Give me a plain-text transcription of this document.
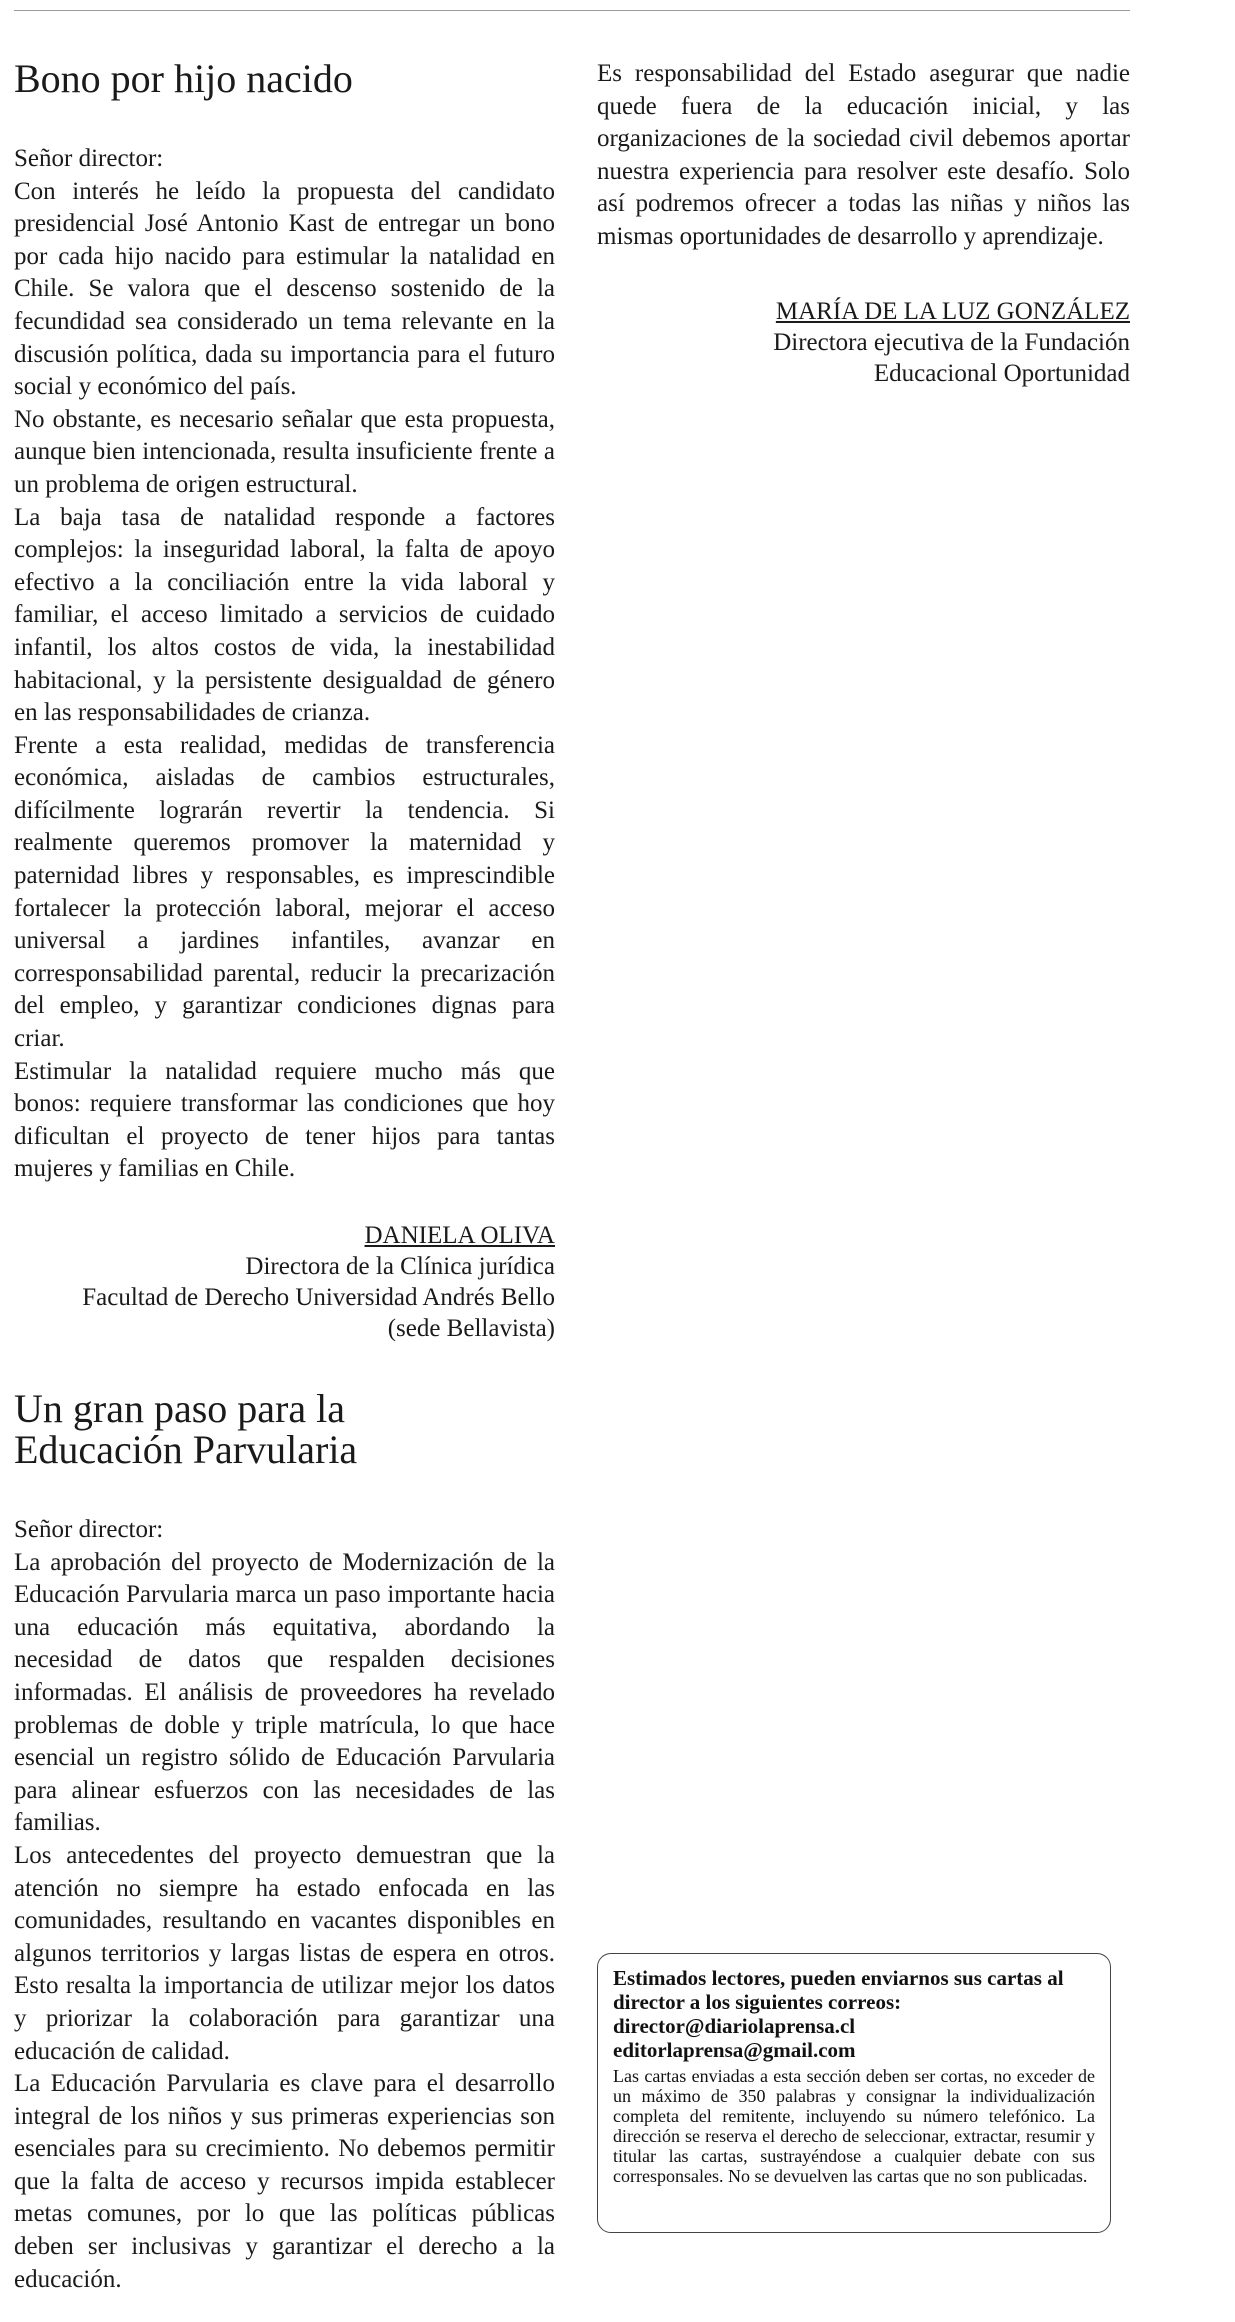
Bono por hijo nacido

Señor director:

Con interés he leído la propuesta del candidato presidencial José Antonio Kast de entregar un bono por cada hijo nacido para estimular la natalidad en Chile. Se valora que el descenso sostenido de la fecundidad sea considerado un tema relevante en la discusión política, dada su importancia para el futuro social y económico del país.

No obstante, es necesario señalar que esta propuesta, aunque bien intencionada, resulta insuficiente frente a un problema de origen estructural.

La baja tasa de natalidad responde a factores complejos: la inseguridad laboral, la falta de apoyo efectivo a la conciliación entre la vida laboral y familiar, el acceso limitado a servicios de cuidado infantil, los altos costos de vida, la inestabilidad habitacional, y la persistente desigualdad de género en las responsabilidades de crianza.

Frente a esta realidad, medidas de transferencia económica, aisladas de cambios estructurales, difícilmente lograrán revertir la tendencia. Si realmente queremos promover la maternidad y paternidad libres y responsables, es imprescindible fortalecer la protección laboral, mejorar el acceso universal a jardines infantiles, avanzar en corresponsabilidad parental, reducir la precarización del empleo, y garantizar condiciones dignas para criar.

Estimular la natalidad requiere mucho más que bonos: requiere transformar las condiciones que hoy dificultan el proyecto de tener hijos para tantas mujeres y familias en Chile.

DANIELA OLIVA
Directora de la Clínica jurídica
Facultad de Derecho Universidad Andrés Bello
(sede Bellavista)
Un gran paso para la
Educación Parvularia

Señor director:

La aprobación del proyecto de Modernización de la Educación Parvularia marca un paso importante hacia una educación más equitativa, abordando la necesidad de datos que respalden decisiones informadas. El análisis de proveedores ha revelado problemas de doble y triple matrícula, lo que hace esencial un registro sólido de Educación Parvularia para alinear esfuerzos con las necesidades de las familias.

Los antecedentes del proyecto demuestran que la atención no siempre ha estado enfocada en las comunidades, resultando en vacantes disponibles en algunos territorios y largas listas de espera en otros. Esto resalta la importancia de utilizar mejor los datos y priorizar la colaboración para garantizar una educación de calidad.

La Educación Parvularia es clave para el desarrollo integral de los niños y sus primeras experiencias son esenciales para su crecimiento. No debemos permitir que la falta de acceso y recursos impida establecer metas comunes, por lo que las políticas públicas deben ser inclusivas y garantizar el derecho a la educación.

Es responsabilidad del Estado asegurar que nadie quede fuera de la educación inicial, y las organizaciones de la sociedad civil debemos aportar nuestra experiencia para resolver este desafío. Solo así podremos ofrecer a todas las niñas y niños las mismas oportunidades de desarrollo y aprendizaje.

MARÍA DE LA LUZ GONZÁLEZ
Directora ejecutiva de la Fundación
Educacional Oportunidad

Estimados lectores, pueden enviarnos sus cartas al director a los siguientes correos:

director@diariolaprensa.cl

editorlaprensa@gmail.com

Las cartas enviadas a esta sección deben ser cortas, no exceder de un máximo de 350 palabras y consignar la individualización completa del remitente, incluyendo su número telefónico. La dirección se reserva el derecho de seleccionar, extractar, resumir y titular las cartas, sustrayéndose a cualquier debate con sus corresponsales. No se devuelven las cartas que no son publicadas.
